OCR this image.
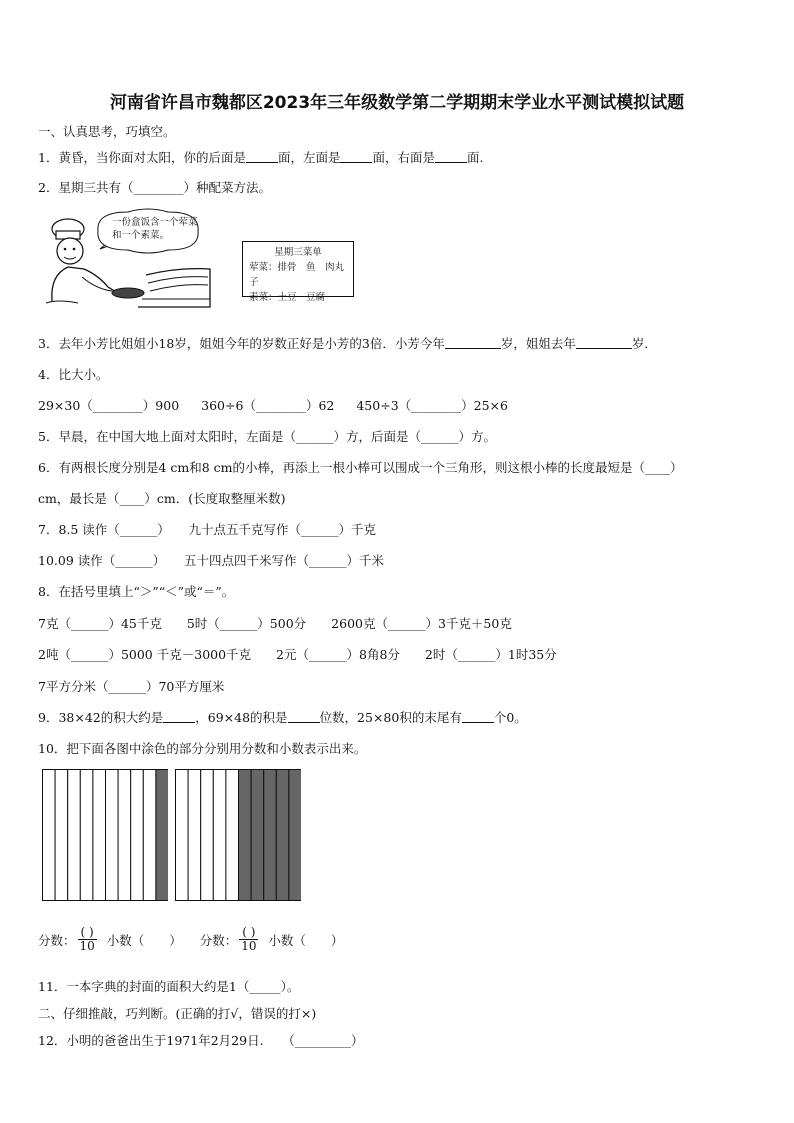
河南省许昌市魏都区2023年三年级数学第二学期期末学业水平测试模拟试题
一、认真思考，巧填空。
1．黄昏，当你面对太阳，你的后面是	面，左面是	面，右面是	面.
2．星期三共有（________）种配菜方法。
一份盒饭含一个荤菜和一个素菜。
星期三菜单
荤菜：排骨　鱼　肉丸子
素菜：土豆　豆腐
3．去年小芳比姐姐小18岁，姐姐今年的岁数正好是小芳的3倍．小芳今年	岁，姐姐去年	岁．
4．比大小。
29×30（________）900 360÷6（________）62 450÷3（________）25×6
5．早晨，在中国大地上面对太阳时，左面是（______）方，后面是（______）方。
6．有两根长度分别是4 cm和8 cm的小棒，再添上一根小棒可以围成一个三角形，则这根小棒的长度最短是（____）
cm，最长是（____）cm．(长度取整厘米数)
7．8.5 读作（______）　　九十点五千克写作（______）千克
10.09 读作（______）　　五十四点四千米写作（______）千米
8．在括号里填上“＞”“＜”或“＝”。
7克（______）45千克　　5时（______）500分　　2600克（______）3千克＋50克
2吨（______）5000 千克－3000千克　　2元（______）8角8分　　2时（______）1时35分
7平方分米（______）70平方厘米
9．38×42的积大约是	，69×48的积是	位数，25×80积的末尾有	个0。
10．把下面各图中涂色的部分分别用分数和小数表示出来。
分数： $\frac{( )}{10}$ 小数（　　） 分数： $\frac{( )}{10}$ 小数（　　）
11．一本字典的封面的面积大约是1（_____）。
二、仔细推敲，巧判断。(正确的打√，错误的打×)
12．小明的爸爸出生于1971年2月29日.　　（_________）
